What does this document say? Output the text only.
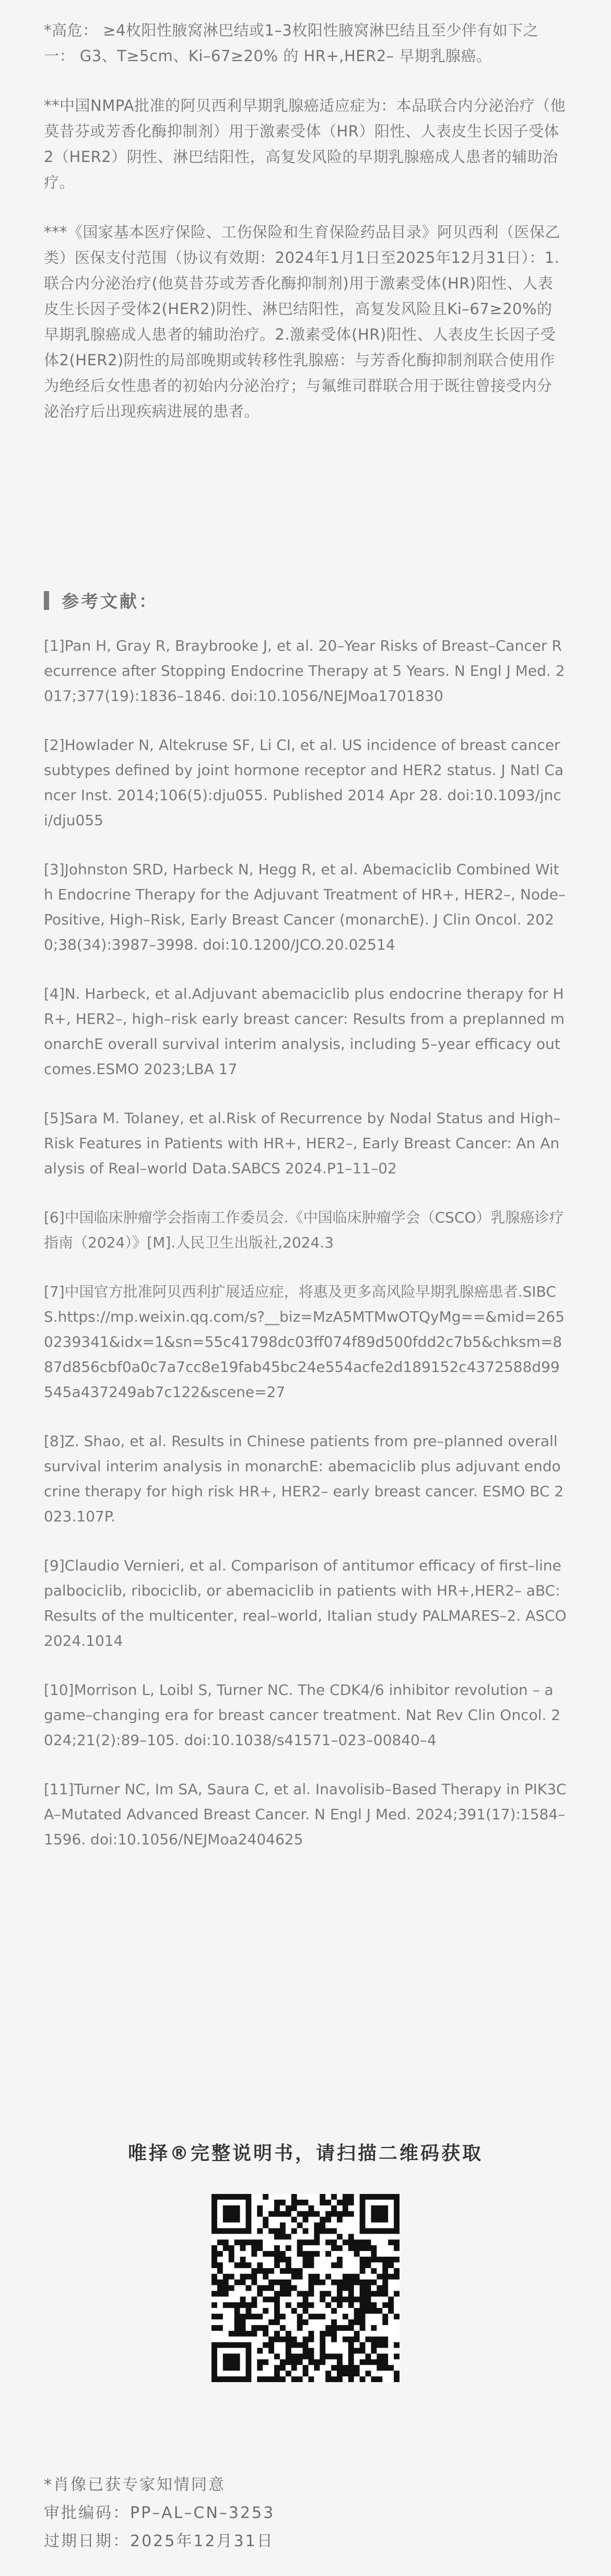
*高危： ≥4枚阳性腋窝淋巴结或1–3枚阳性腋窝淋巴结且至少伴有如下之一： G3、T≥5cm、Ki–67≥20% 的 HR+,HER2– 早期乳腺癌。

**中国NMPA批准的阿贝西利早期乳腺癌适应症为：本品联合内分泌治疗（他莫昔芬或芳香化酶抑制剂）用于激素受体（HR）阳性、人表皮生长因子受体2（HER2）阴性、淋巴结阳性，高复发风险的早期乳腺癌成人患者的辅助治疗。

***《国家基本医疗保险、工伤保险和生育保险药品目录》阿贝西利（医保乙类）医保支付范围（协议有效期：2024年1月1日至2025年12月31日）：1.联合内分泌治疗(他莫昔芬或芳香化酶抑制剂)用于激素受体(HR)阳性、人表皮生长因子受体2(HER2)阴性、淋巴结阳性，高复发风险且Ki–67≥20%的早期乳腺癌成人患者的辅助治疗。2.激素受体(HR)阳性、人表皮生长因子受体2(HER2)阴性的局部晚期或转移性乳腺癌：与芳香化酶抑制剂联合使用作为绝经后女性患者的初始内分泌治疗；与氟维司群联合用于既往曾接受内分泌治疗后出现疾病进展的患者。

参考文献：

[1]Pan H, Gray R, Braybrooke J, et al. 20–Year Risks of Breast–Cancer Recurrence after Stopping Endocrine Therapy at 5 Years. N Engl J Med. 2017;377(19):1836–1846. doi:10.1056/NEJMoa1701830

[2]Howlader N, Altekruse SF, Li CI, et al. US incidence of breast cancer subtypes defined by joint hormone receptor and HER2 status. J Natl Cancer Inst. 2014;106(5):dju055. Published 2014 Apr 28. doi:10.1093/jnci/dju055

[3]Johnston SRD, Harbeck N, Hegg R, et al. Abemaciclib Combined With Endocrine Therapy for the Adjuvant Treatment of HR+, HER2–, Node–Positive, High–Risk, Early Breast Cancer (monarchE). J Clin Oncol. 2020;38(34):3987–3998. doi:10.1200/JCO.20.02514

[4]N. Harbeck, et al.Adjuvant abemaciclib plus endocrine therapy for HR+, HER2–, high–risk early breast cancer: Results from a preplanned monarchE overall survival interim analysis, including 5–year efficacy outcomes.ESMO 2023;LBA 17

[5]Sara M. Tolaney, et al.Risk of Recurrence by Nodal Status and High–Risk Features in Patients with HR+, HER2–, Early Breast Cancer: An Analysis of Real–world Data.SABCS 2024.P1–11–02

[6]中国临床肿瘤学会指南工作委员会.《中国临床肿瘤学会（CSCO）乳腺癌诊疗指南（2024）》[M].人民卫生出版社,2024.3

[7]中国官方批准阿贝西利扩展适应症，将惠及更多高风险早期乳腺癌患者.SIBCS.https://mp.weixin.qq.com/s?__biz=MzA5MTMwOTQyMg==&mid=2650239341&idx=1&sn=55c41798dc03ff074f89d500fdd2c7b5&chksm=887d856cbf0a0c7a7cc8e19fab45bc24e554acfe2d189152c4372588d99545a437249ab7c122&scene=27

[8]Z. Shao, et al. Results in Chinese patients from pre–planned overall survival interim analysis in monarchE: abemaciclib plus adjuvant endocrine therapy for high risk HR+, HER2– early breast cancer. ESMO BC 2023.107P.

[9]Claudio Vernieri, et al. Comparison of antitumor efficacy of first–line palbociclib, ribociclib, or abemaciclib in patients with HR+,HER2– aBC: Results of the multicenter, real–world, Italian study PALMARES–2. ASCO2024.1014

[10]Morrison L, Loibl S, Turner NC. The CDK4/6 inhibitor revolution – a game–changing era for breast cancer treatment. Nat Rev Clin Oncol. 2024;21(2):89–105. doi:10.1038/s41571–023–00840–4

[11]Turner NC, Im SA, Saura C, et al. Inavolisib–Based Therapy in PIK3CA–Mutated Advanced Breast Cancer. N Engl J Med. 2024;391(17):1584–1596. doi:10.1056/NEJMoa2404625

唯择®完整说明书，请扫描二维码获取
*肖像已获专家知情同意
审批编码：PP–AL–CN–3253
过期日期：2025年12月31日
